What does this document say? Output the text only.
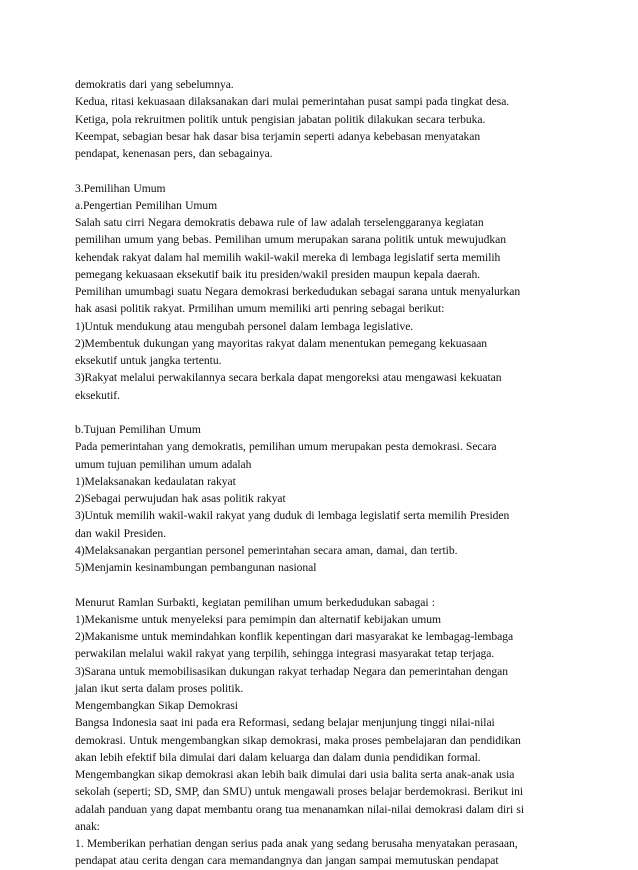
demokratis dari yang sebelumnya.
Kedua, ritasi kekuasaan dilaksanakan dari mulai pemerintahan pusat sampi pada tingkat desa.
Ketiga, pola rekruitmen politik untuk pengisian jabatan politik dilakukan secara terbuka.
Keempat, sebagian besar hak dasar bisa terjamin seperti adanya kebebasan menyatakan
pendapat, kenenasan pers, dan sebagainya.
3.Pemilihan Umum
a.Pengertian Pemilihan Umum
Salah satu cirri Negara demokratis debawa rule of law adalah terselenggaranya kegiatan
pemilihan umum yang bebas. Pemilihan umum merupakan sarana politik untuk mewujudkan
kehendak rakyat dalam hal memilih wakil-wakil mereka di lembaga legislatif serta memilih
pemegang kekuasaan eksekutif baik itu presiden/wakil presiden maupun kepala daerah.
Pemilihan umumbagi suatu Negara demokrasi berkedudukan sebagai sarana untuk menyalurkan
hak asasi politik rakyat. Prmilihan umum memiliki arti penring sebagai berikut:
1)Untuk mendukung atau mengubah personel dalam lembaga legislative.
2)Membentuk dukungan yang mayoritas rakyat dalam menentukan pemegang kekuasaan
eksekutif untuk jangka tertentu.
3)Rakyat melalui perwakilannya secara berkala dapat mengoreksi atau mengawasi kekuatan
eksekutif.
b.Tujuan Pemilihan Umum
Pada pemerintahan yang demokratis, pemilihan umum merupakan pesta demokrasi. Secara
umum tujuan pemilihan umum adalah
1)Melaksanakan kedaulatan rakyat
2)Sebagai perwujudan hak asas politik rakyat
3)Untuk memilih wakil-wakil rakyat yang duduk di lembaga legislatif serta memilih Presiden
dan wakil Presiden.
4)Melaksanakan pergantian personel pemerintahan secara aman, damai, dan tertib.
5)Menjamin kesinambungan pembangunan nasional
Menurut Ramlan Surbakti, kegiatan pemilihan umum berkedudukan sabagai :
1)Mekanisme untuk menyeleksi para pemimpin dan alternatif kebijakan umum
2)Makanisme untuk memindahkan konflik kepentingan dari masyarakat ke lembagag-lembaga
perwakilan melalui wakil rakyat yang terpilih, sehingga integrasi masyarakat tetap terjaga.
3)Sarana untuk memobilisasikan dukungan rakyat terhadap Negara dan pemerintahan dengan
jalan ikut serta dalam proses politik.
Mengembangkan Sikap Demokrasi
Bangsa Indonesia saat ini pada era Reformasi, sedang belajar menjunjung tinggi nilai-nilai
demokrasi. Untuk mengembangkan sikap demokrasi, maka proses pembelajaran dan pendidikan
akan lebih efektif bila dimulai dari dalam keluarga dan dalam dunia pendidikan formal.
Mengembangkan sikap demokrasi akan lebih baik dimulai dari usia balita serta anak-anak usia
sekolah (seperti; SD, SMP, dan SMU) untuk mengawali proses belajar berdemokrasi. Berikut ini
adalah panduan yang dapat membantu orang tua menanamkan nilai-nilai demokrasi dalam diri si
anak:
1. Memberikan perhatian dengan serius pada anak yang sedang berusaha menyatakan perasaan,
pendapat atau cerita dengan cara memandangnya dan jangan sampai memutuskan pendapat
